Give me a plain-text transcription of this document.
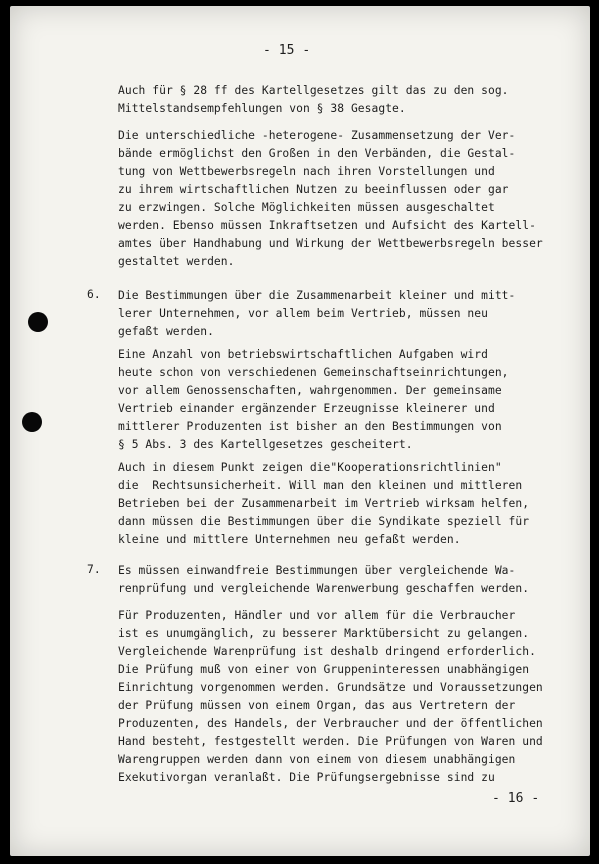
- 15 -
Auch für § 28 ff des Kartellgesetzes gilt das zu den sog.
Mittelstandsempfehlungen von § 38 Gesagte.
Die unterschiedliche -heterogene- Zusammensetzung der Ver-
bände ermöglichst den Großen in den Verbänden, die Gestal-
tung von Wettbewerbsregeln nach ihren Vorstellungen und
zu ihrem wirtschaftlichen Nutzen zu beeinflussen oder gar
zu erzwingen. Solche Möglichkeiten müssen ausgeschaltet
werden. Ebenso müssen Inkraftsetzen und Aufsicht des Kartell-
amtes über Handhabung und Wirkung der Wettbewerbsregeln besser
gestaltet werden.
6. Die Bestimmungen über die Zusammenarbeit kleiner und mitt-
lerer Unternehmen, vor allem beim Vertrieb, müssen neu
gefaßt werden.
Eine Anzahl von betriebswirtschaftlichen Aufgaben wird
heute schon von verschiedenen Gemeinschaftseinrichtungen,
vor allem Genossenschaften, wahrgenommen. Der gemeinsame
Vertrieb einander ergänzender Erzeugnisse kleinerer und
mittlerer Produzenten ist bisher an den Bestimmungen von
§ 5 Abs. 3 des Kartellgesetzes gescheitert.
Auch in diesem Punkt zeigen die"Kooperationsrichtlinien"
die  Rechtsunsicherheit. Will man den kleinen und mittleren
Betrieben bei der Zusammenarbeit im Vertrieb wirksam helfen,
dann müssen die Bestimmungen über die Syndikate speziell für
kleine und mittlere Unternehmen neu gefaßt werden.
7. Es müssen einwandfreie Bestimmungen über vergleichende Wa-
renprüfung und vergleichende Warenwerbung geschaffen werden.
Für Produzenten, Händler und vor allem für die Verbraucher
ist es unumgänglich, zu besserer Marktübersicht zu gelangen.
Vergleichende Warenprüfung ist deshalb dringend erforderlich.
Die Prüfung muß von einer von Gruppeninteressen unabhängigen
Einrichtung vorgenommen werden. Grundsätze und Voraussetzungen
der Prüfung müssen von einem Organ, das aus Vertretern der
Produzenten, des Handels, der Verbraucher und der öffentlichen
Hand besteht, festgestellt werden. Die Prüfungen von Waren und
Warengruppen werden dann von einem von diesem unabhängigen
Exekutivorgan veranlaßt. Die Prüfungsergebnisse sind zu
- 16 -
